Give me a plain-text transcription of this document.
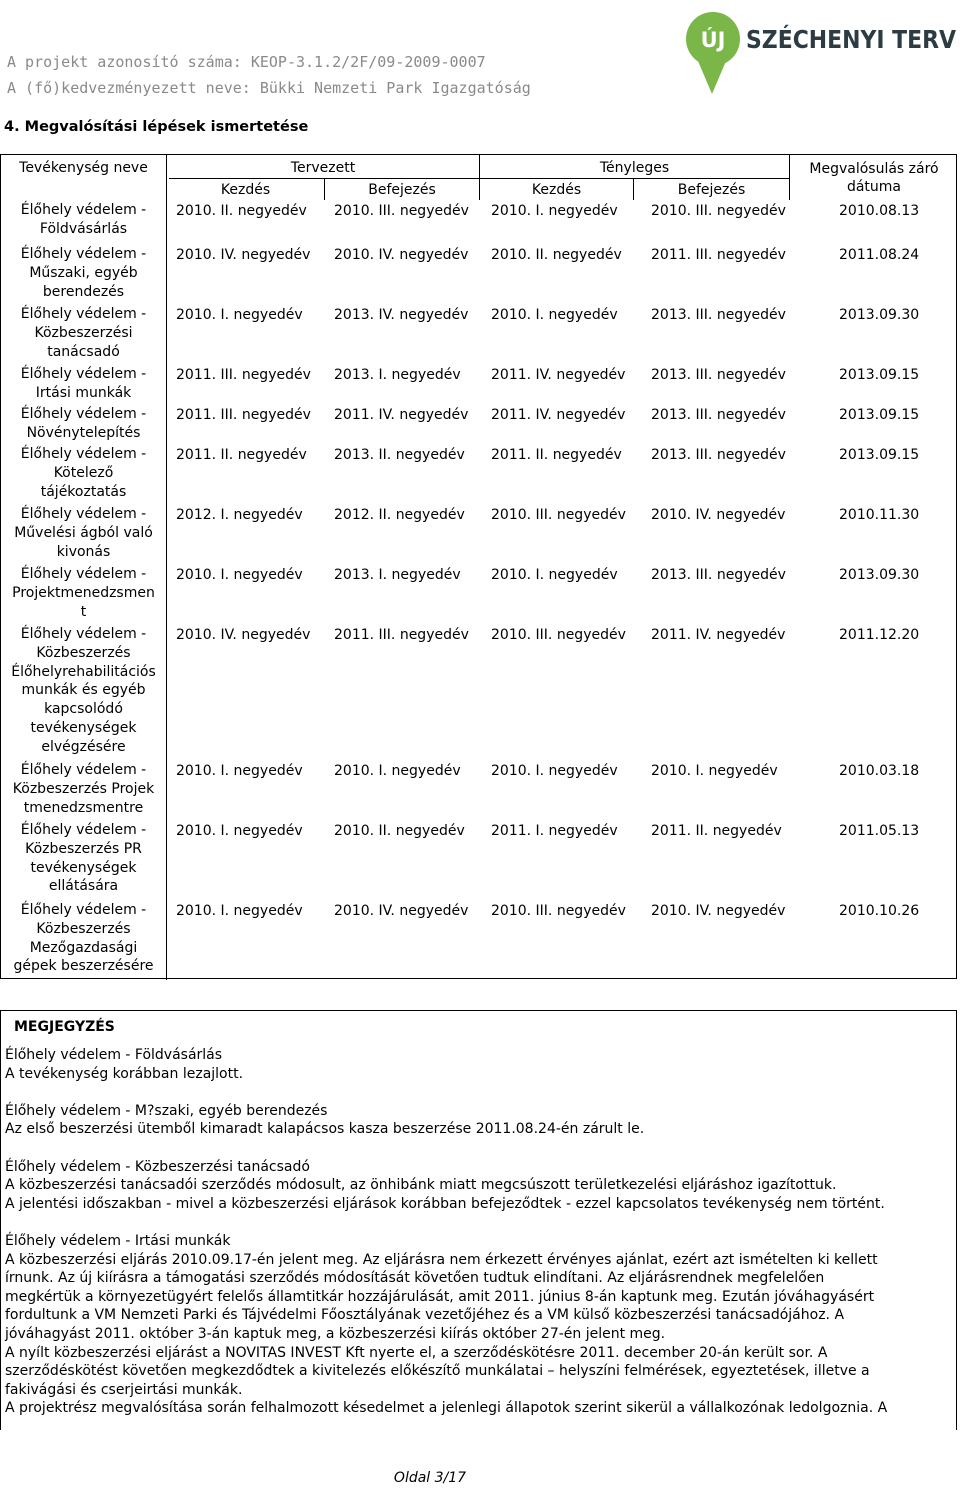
A projekt azonosító száma: KEOP-3.1.2/2F/09-2009-0007
A (fő)kedvezményezett neve: Bükki Nemzeti Park Igazgatóság
ÚJ SZÉCHENYI TERV
4. Megvalósítási lépések ismertetése
Tevékenység neve	Tervezett	Tényleges	Megvalósulás záró dátuma
Kezdés	Befejezés	Kezdés	Befejezés
Élőhely védelem -
Földvásárlás
2010. II. negyedév 2010. III. negyedév 2010. I. negyedév 2010. III. negyedév	2010.08.13
Élőhely védelem -
Műszaki, egyéb
berendezés
2010. IV. negyedév 2010. IV. negyedév 2010. II. negyedév 2011. III. negyedév	2011.08.24
Élőhely védelem -
Közbeszerzési
tanácsadó
2010. I. negyedév 2013. IV. negyedév 2010. I. negyedév 2013. III. negyedév	2013.09.30
Élőhely védelem -
Irtási munkák
2011. III. negyedév 2013. I. negyedév 2011. IV. negyedév 2013. III. negyedév	2013.09.15
Élőhely védelem -
Növénytelepítés
2011. III. negyedév 2011. IV. negyedév 2011. IV. negyedév 2013. III. negyedév	2013.09.15
Élőhely védelem -
Kötelező
tájékoztatás
2011. II. negyedév 2013. II. negyedév 2011. II. negyedév 2013. III. negyedév	2013.09.15
Élőhely védelem -
Művelési ágból való
kivonás
2012. I. negyedév 2012. II. negyedév 2010. III. negyedév 2010. IV. negyedév	2010.11.30
Élőhely védelem -
Projektmenedzsmen
t
2010. I. negyedév 2013. I. negyedév 2010. I. negyedév 2013. III. negyedév	2013.09.30
Élőhely védelem -
Közbeszerzés
Élőhelyrehabilitációs
munkák és egyéb
kapcsolódó
tevékenységek
elvégzésére
2010. IV. negyedév 2011. III. negyedév 2010. III. negyedév 2011. IV. negyedév	2011.12.20
Élőhely védelem -
Közbeszerzés Projek
tmenedzsmentre
2010. I. negyedév 2010. I. negyedév 2010. I. negyedév 2010. I. negyedév	2010.03.18
Élőhely védelem -
Közbeszerzés PR
tevékenységek
ellátására
2010. I. negyedév 2010. II. negyedév 2011. I. negyedév 2011. II. negyedév	2011.05.13
Élőhely védelem -
Közbeszerzés
Mezőgazdasági
gépek beszerzésére
2010. I. negyedév 2010. IV. negyedév 2010. III. negyedév 2010. IV. negyedév	2010.10.26
MEGJEGYZÉS
Élőhely védelem - Földvásárlás
A tevékenység korábban lezajlott.
Élőhely védelem - M?szaki, egyéb berendezés
Az első beszerzési ütemből kimaradt kalapácsos kasza beszerzése 2011.08.24-én zárult le.
Élőhely védelem - Közbeszerzési tanácsadó
A közbeszerzési tanácsadói szerződés módosult, az önhibánk miatt megcsúszott területkezelési eljáráshoz igazítottuk.
A jelentési időszakban - mivel a közbeszerzési eljárások korábban befejeződtek - ezzel kapcsolatos tevékenység nem történt.
Élőhely védelem - Irtási munkák
A közbeszerzési eljárás 2010.09.17-én jelent meg. Az eljárásra nem érkezett érvényes ajánlat, ezért azt ismételten ki kellett
írnunk. Az új kiírásra a támogatási szerződés módosítását követően tudtuk elindítani. Az eljárásrendnek megfelelően
megkértük a környezetügyért felelős államtitkár hozzájárulását, amit 2011. június 8-án kaptunk meg. Ezután jóváhagyásért
fordultunk a VM Nemzeti Parki és Tájvédelmi Főosztályának vezetőjéhez és a VM külső közbeszerzési tanácsadójához. A
jóváhagyást 2011. október 3-án kaptuk meg, a közbeszerzési kiírás október 27-én jelent meg.
A nyílt közbeszerzési eljárást a NOVITAS INVEST Kft nyerte el, a szerződéskötésre 2011. december 20-án került sor. A
szerződéskötést követően megkezdődtek a kivitelezés előkészítő munkálatai – helyszíni felmérések, egyeztetések, illetve a
fakivágási és cserjeirtási munkák.
A projektrész megvalósítása során felhalmozott késedelmet a jelenlegi állapotok szerint sikerül a vállalkozónak ledolgoznia. A
Oldal 3/17
